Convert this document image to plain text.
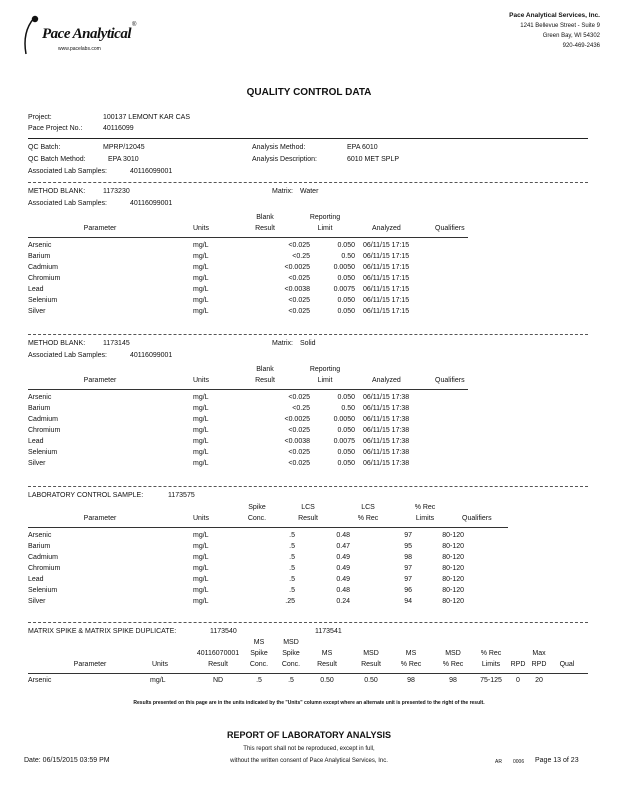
Pace Analytical
®
www.pacelabs.com
Pace Analytical Services, Inc.
1241 Bellevue Street - Suite 9
Green Bay, WI 54302
920-469-2436
QUALITY CONTROL DATA
Project:	100137 LEMONT KAR CAS
Pace Project No.:	40116099
QC Batch:	MPRP/12045	Analysis Method:	EPA 6010
QC Batch Method:	EPA 3010	Analysis Description:	6010 MET SPLP
Associated Lab Samples:	40116099001
METHOD BLANK:	1173230	Matrix: Water
Associated Lab Samples:	40116099001
Blank	Reporting
Parameter	Units	Result	Limit	Analyzed	Qualifiers
Arsenic	mg/L	<0.025	0.050	06/11/15 17:15
Barium	mg/L	<0.25	0.50	06/11/15 17:15
Cadmium	mg/L	<0.0025	0.0050	06/11/15 17:15
Chromium	mg/L	<0.025	0.050	06/11/15 17:15
Lead	mg/L	<0.0038	0.0075	06/11/15 17:15
Selenium	mg/L	<0.025	0.050	06/11/15 17:15
Silver	mg/L	<0.025	0.050	06/11/15 17:15
METHOD BLANK:	1173145	Matrix: Solid
Associated Lab Samples:	40116099001
Blank	Reporting
Parameter	Units	Result	Limit	Analyzed	Qualifiers
Arsenic	mg/L	<0.025	0.050	06/11/15 17:38
Barium	mg/L	<0.25	0.50	06/11/15 17:38
Cadmium	mg/L	<0.0025	0.0050	06/11/15 17:38
Chromium	mg/L	<0.025	0.050	06/11/15 17:38
Lead	mg/L	<0.0038	0.0075	06/11/15 17:38
Selenium	mg/L	<0.025	0.050	06/11/15 17:38
Silver	mg/L	<0.025	0.050	06/11/15 17:38
LABORATORY CONTROL SAMPLE:	1173575
Spike	LCS	LCS	% Rec
Parameter	Units	Conc.	Result	% Rec	Limits	Qualifiers
Arsenic	mg/L	.5	0.48	97	80-120	
Barium	mg/L	.5	0.47	95	80-120	
Cadmium	mg/L	.5	0.49	98	80-120	
Chromium	mg/L	.5	0.49	97	80-120	
Lead	mg/L	.5	0.49	97	80-120	
Selenium	mg/L	.5	0.48	96	80-120	
Silver	mg/L	.25	0.24	94	80-120	
MATRIX SPIKE & MATRIX SPIKE DUPLICATE:	1173540	1173541
MS	MSD
40116070001	Spike	Spike	MS	MSD	MS	MSD	% Rec	Max
Parameter	Units	Result	Conc.	Conc.	Result	Result	% Rec	% Rec	Limits	RPD RPD	Qual
Arsenic	mg/L	ND	.5	.5	0.50	0.50	98	98	75-125	0	20
Results presented on this page are in the units indicated by the "Units" column except where an alternate unit is presented to the right of the result.
REPORT OF LABORATORY ANALYSIS
This report shall not be reproduced, except in full,
without the written consent of Pace Analytical Services, Inc.
Date: 06/15/2015 03:59 PM	AR 0006 Page 13 of 23
